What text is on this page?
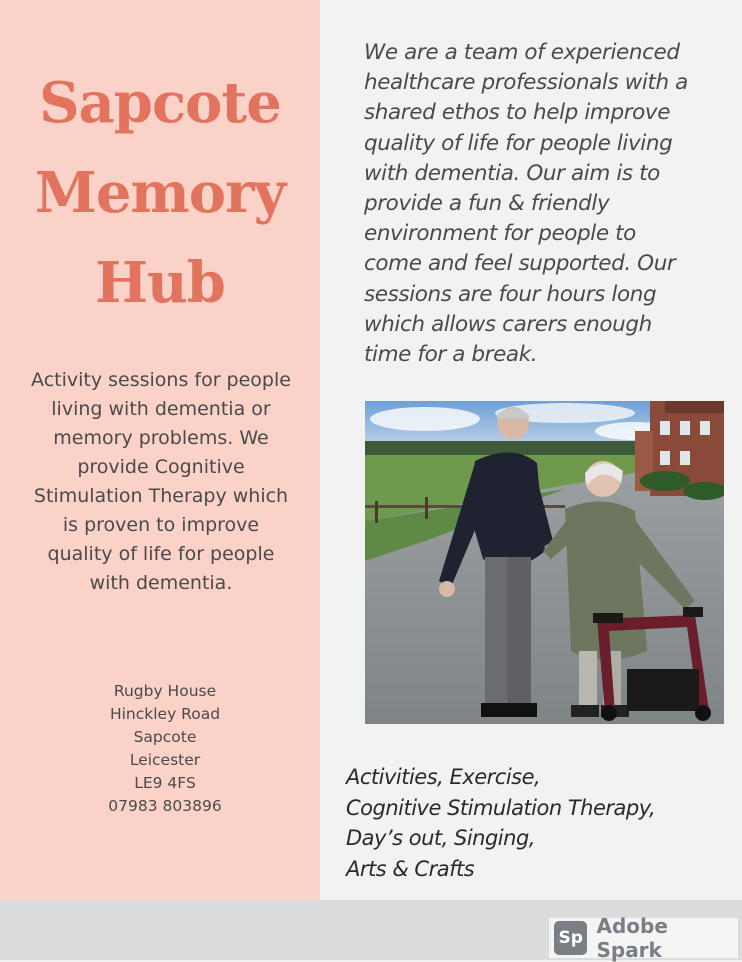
Sapcote
Memory
Hub

Activity sessions for people living with dementia or memory problems. We provide Cognitive Stimulation Therapy which is proven to improve quality of life for people with dementia.

Rugby House
Hinckley Road
Sapcote
Leicester
LE9 4FS
07983 803896
We are a team of experienced
healthcare professionals with a
shared ethos to help improve
quality of life for people living
with dementia. Our aim is to
provide a fun & friendly
environment for people to
come and feel supported. Our
sessions are four hours long
which allows carers enough
time for a break.
Activities, Exercise,
Cognitive Stimulation Therapy,
Day’s out, Singing,
Arts & Crafts
Sp Adobe Spark
